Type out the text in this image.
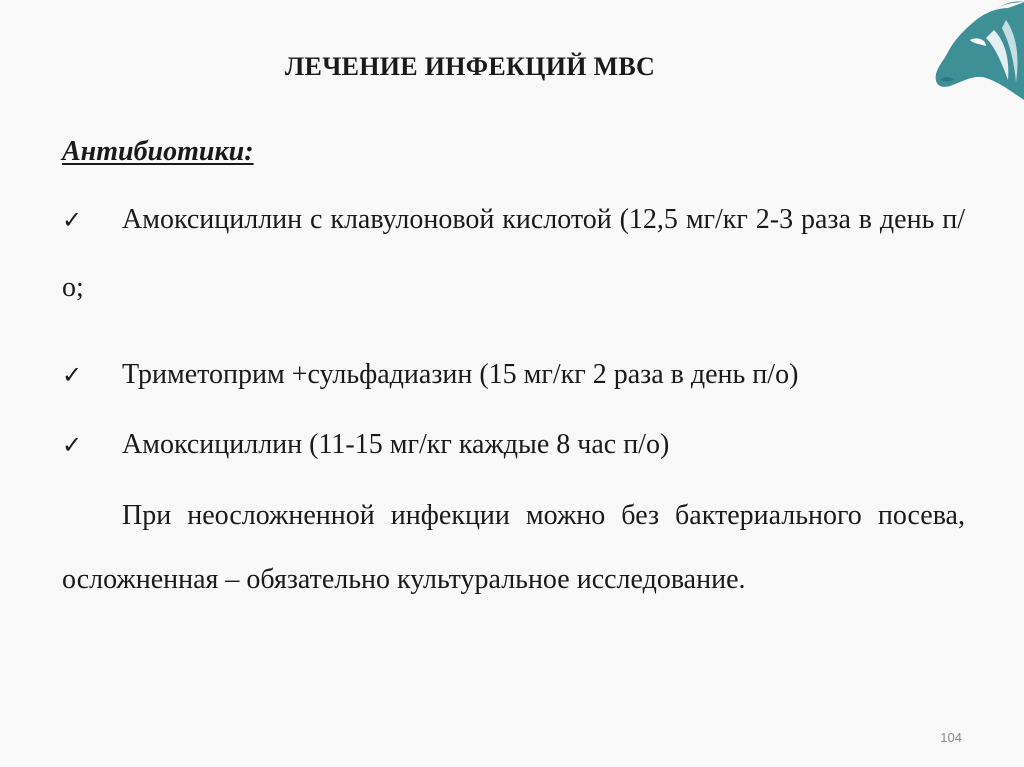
ЛЕЧЕНИЕ ИНФЕКЦИЙ МВС
Антибиотики:
✓ Амоксициллин с клавулоновой кислотой (12,5 мг/кг 2-3 раза в день п/о;
✓	Триметоприм +сульфадиазин (15 мг/кг 2 раза в день п/о)
✓	Амоксициллин (11-15 мг/кг каждые 8 час п/о)
При неосложненной инфекции можно без бактериального посева, осложненная – обязательно культуральное исследование.
104
